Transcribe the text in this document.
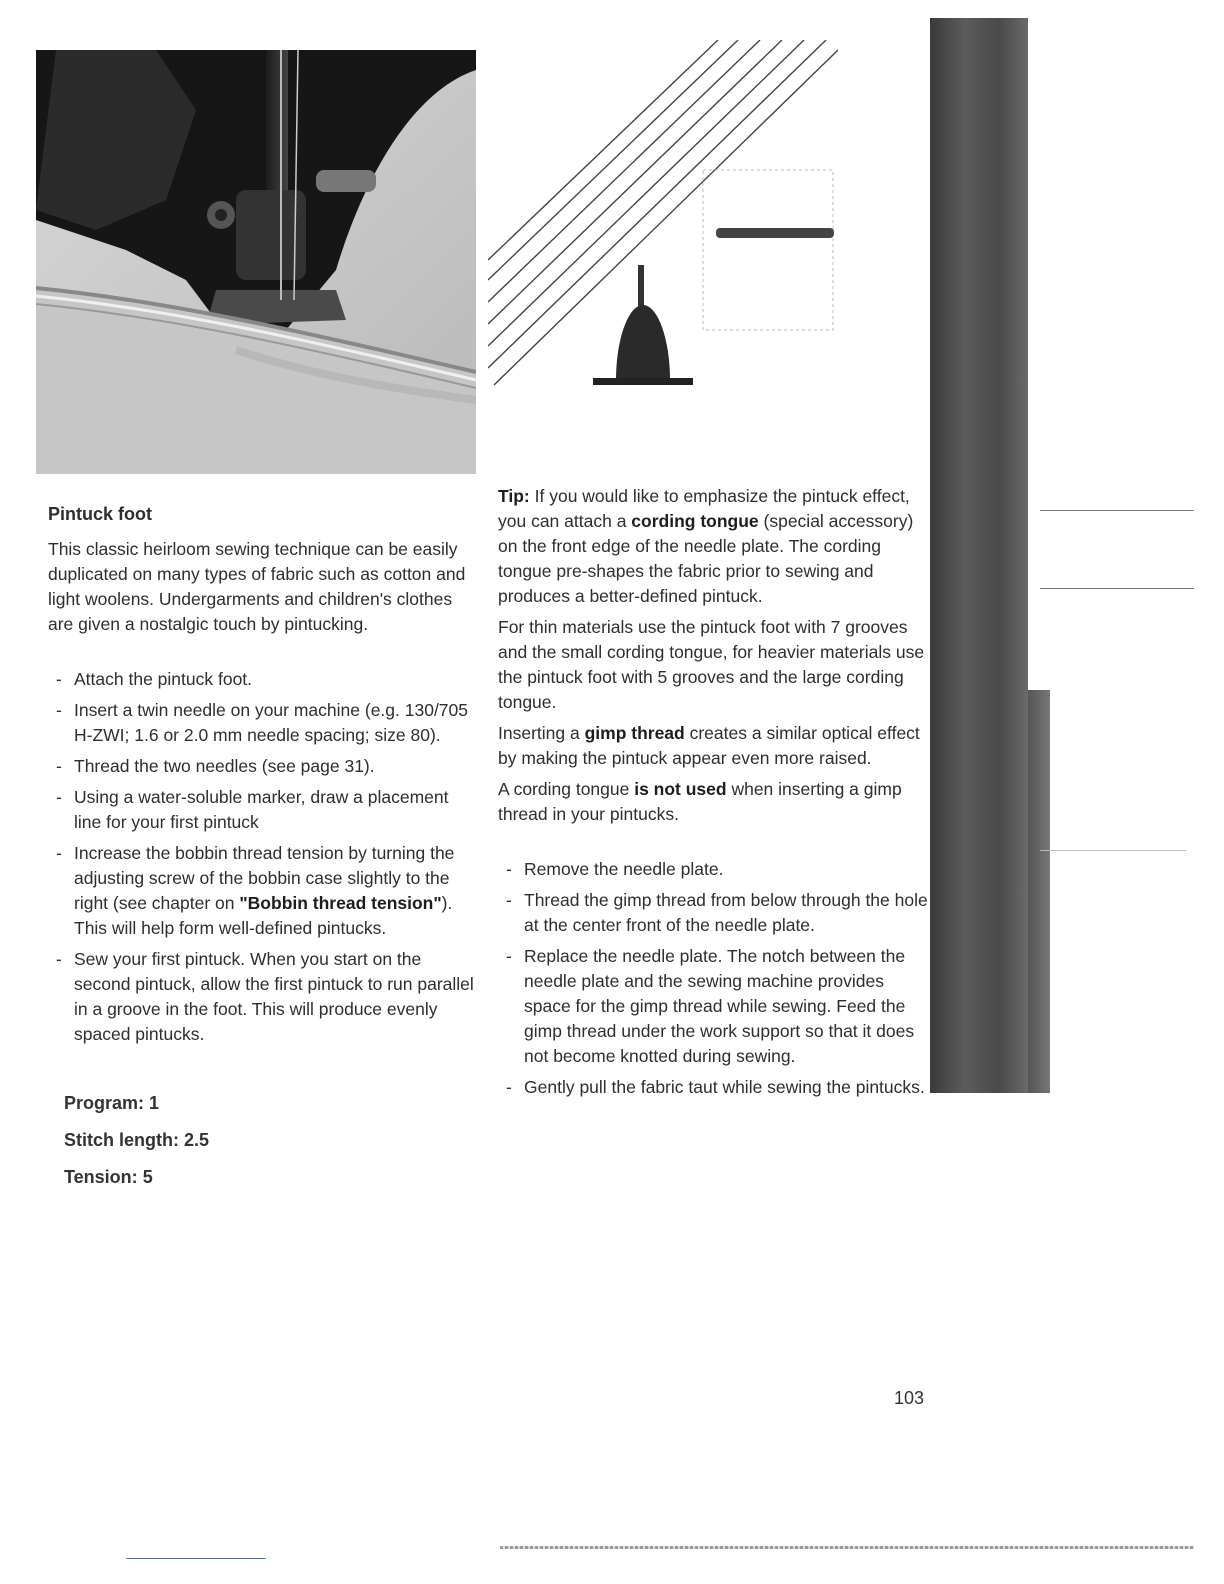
Pintuck foot

This classic heirloom sewing technique can be easily duplicated on many types of fabric such as cotton and light woolens. Undergarments and children's clothes are given a nostalgic touch by pintucking.

- Attach the pintuck foot.
- Insert a twin needle on your machine (e.g. 130/705 H-ZWI; 1.6 or 2.0 mm needle spacing; size 80).
- Thread the two needles (see page 31).
- Using a water-soluble marker, draw a placement line for your first pintuck
- Increase the bobbin thread tension by turning the adjusting screw of the bobbin case slightly to the right (see chapter on "Bobbin thread tension"). This will help form well-defined pintucks.
- Sew your first pintuck. When you start on the second pintuck, allow the first pintuck to run parallel in a groove in the foot. This will produce evenly spaced pintucks.
Program: 1
Stitch length: 2.5
Tension: 5

Tip: If you would like to emphasize the pintuck effect, you can attach a cording tongue (special accessory) on the front edge of the needle plate. The cording tongue pre-shapes the fabric prior to sewing and produces a better-defined pintuck.

For thin materials use the pintuck foot with 7 grooves and the small cording tongue, for heavier materials use the pintuck foot with 5 grooves and the large cording tongue.

Inserting a gimp thread creates a similar optical effect by making the pintuck appear even more raised.

A cording tongue is not used when inserting a gimp thread in your pintucks.

- Remove the needle plate.
- Thread the gimp thread from below through the hole at the center front of the needle plate.
- Replace the needle plate. The notch between the needle plate and the sewing machine provides space for the gimp thread while sewing. Feed the gimp thread under the work support so that it does not become knotted during sewing.
- Gently pull the fabric taut while sewing the pintucks.
103
